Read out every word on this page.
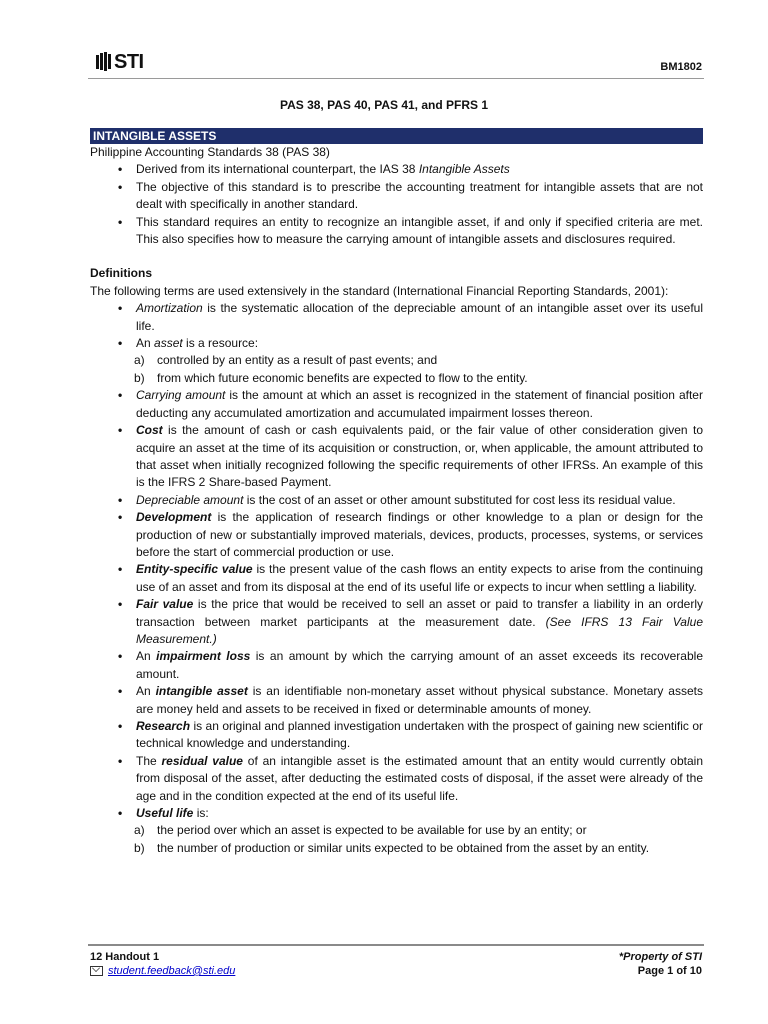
STI	BM1802
PAS 38, PAS 40, PAS 41, and PFRS 1
INTANGIBLE ASSETS
Philippine Accounting Standards 38 (PAS 38)
• Derived from its international counterpart, the IAS 38 Intangible Assets
• The objective of this standard is to prescribe the accounting treatment for intangible assets that are not dealt with specifically in another standard.
• This standard requires an entity to recognize an intangible asset, if and only if specified criteria are met. This also specifies how to measure the carrying amount of intangible assets and disclosures required.
Definitions
The following terms are used extensively in the standard (International Financial Reporting Standards, 2001):
• Amortization is the systematic allocation of the depreciable amount of an intangible asset over its useful life.
• An asset is a resource:
a) controlled by an entity as a result of past events; and
b) from which future economic benefits are expected to flow to the entity.
• Carrying amount is the amount at which an asset is recognized in the statement of financial position after deducting any accumulated amortization and accumulated impairment losses thereon.
• Cost is the amount of cash or cash equivalents paid, or the fair value of other consideration given to acquire an asset at the time of its acquisition or construction, or, when applicable, the amount attributed to that asset when initially recognized following the specific requirements of other IFRSs. An example of this is the IFRS 2 Share-based Payment.
• Depreciable amount is the cost of an asset or other amount substituted for cost less its residual value.
• Development is the application of research findings or other knowledge to a plan or design for the production of new or substantially improved materials, devices, products, processes, systems, or services before the start of commercial production or use.
• Entity-specific value is the present value of the cash flows an entity expects to arise from the continuing use of an asset and from its disposal at the end of its useful life or expects to incur when settling a liability.
• Fair value is the price that would be received to sell an asset or paid to transfer a liability in an orderly transaction between market participants at the measurement date. (See IFRS 13 Fair Value Measurement.)
• An impairment loss is an amount by which the carrying amount of an asset exceeds its recoverable amount.
• An intangible asset is an identifiable non-monetary asset without physical substance. Monetary assets are money held and assets to be received in fixed or determinable amounts of money.
• Research is an original and planned investigation undertaken with the prospect of gaining new scientific or technical knowledge and understanding.
• The residual value of an intangible asset is the estimated amount that an entity would currently obtain from disposal of the asset, after deducting the estimated costs of disposal, if the asset were already of the age and in the condition expected at the end of its useful life.
• Useful life is:
a) the period over which an asset is expected to be available for use by an entity; or
b) the number of production or similar units expected to be obtained from the asset by an entity.
12 Handout 1
student.feedback@sti.edu
*Property of STI
Page 1 of 10
